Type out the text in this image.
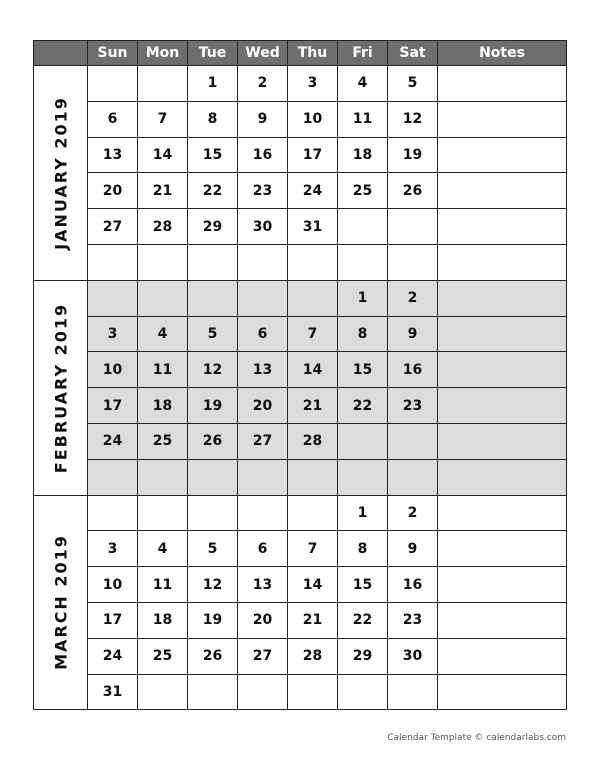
	Sun	Mon	Tue	Wed	Thu	Fri	Sat	Notes

JANUARY 2019			1	2	3	4	5	
	6	7	8	9	10	11	12	
	13	14	15	16	17	18	19	
	20	21	22	23	24	25	26	
	27	28	29	30	31			

FEBRUARY 2019						1	2	
	3	4	5	6	7	8	9	
	10	11	12	13	14	15	16	
	17	18	19	20	21	22	23	
	24	25	26	27	28			

MARCH 2019						1	2	
	3	4	5	6	7	8	9	
	10	11	12	13	14	15	16	
	17	18	19	20	21	22	23	
	24	25	26	27	28	29	30	
	31							
Calendar Template © calendarlabs.com
